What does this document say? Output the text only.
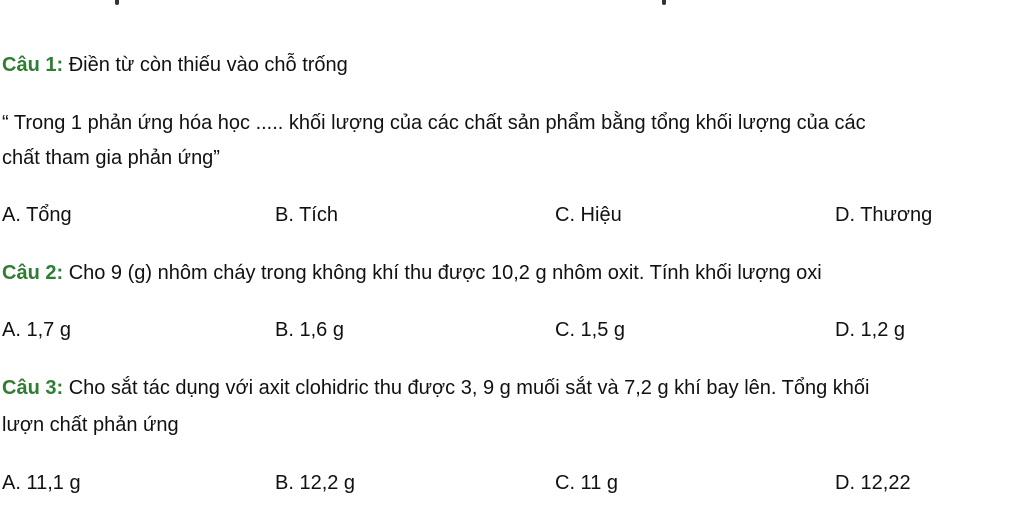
Câu 1: Điền từ còn thiếu vào chỗ trống
“ Trong 1 phản ứng hóa học ..... khối lượng của các chất sản phẩm bằng tổng khối lượng của các
chất tham gia phản ứng”
A. Tổng	B. Tích	C. Hiệu	D. Thương
Câu 2: Cho 9 (g) nhôm cháy trong không khí thu được 10,2 g nhôm oxit. Tính khối lượng oxi
A. 1,7 g	B. 1,6 g	C. 1,5 g	D. 1,2 g
Câu 3: Cho sắt tác dụng với axit clohidric thu được 3, 9 g muối sắt và 7,2 g khí bay lên. Tổng khối
lượn chất phản ứng
A. 11,1 g	B. 12,2 g	C. 11 g	D. 12,22
